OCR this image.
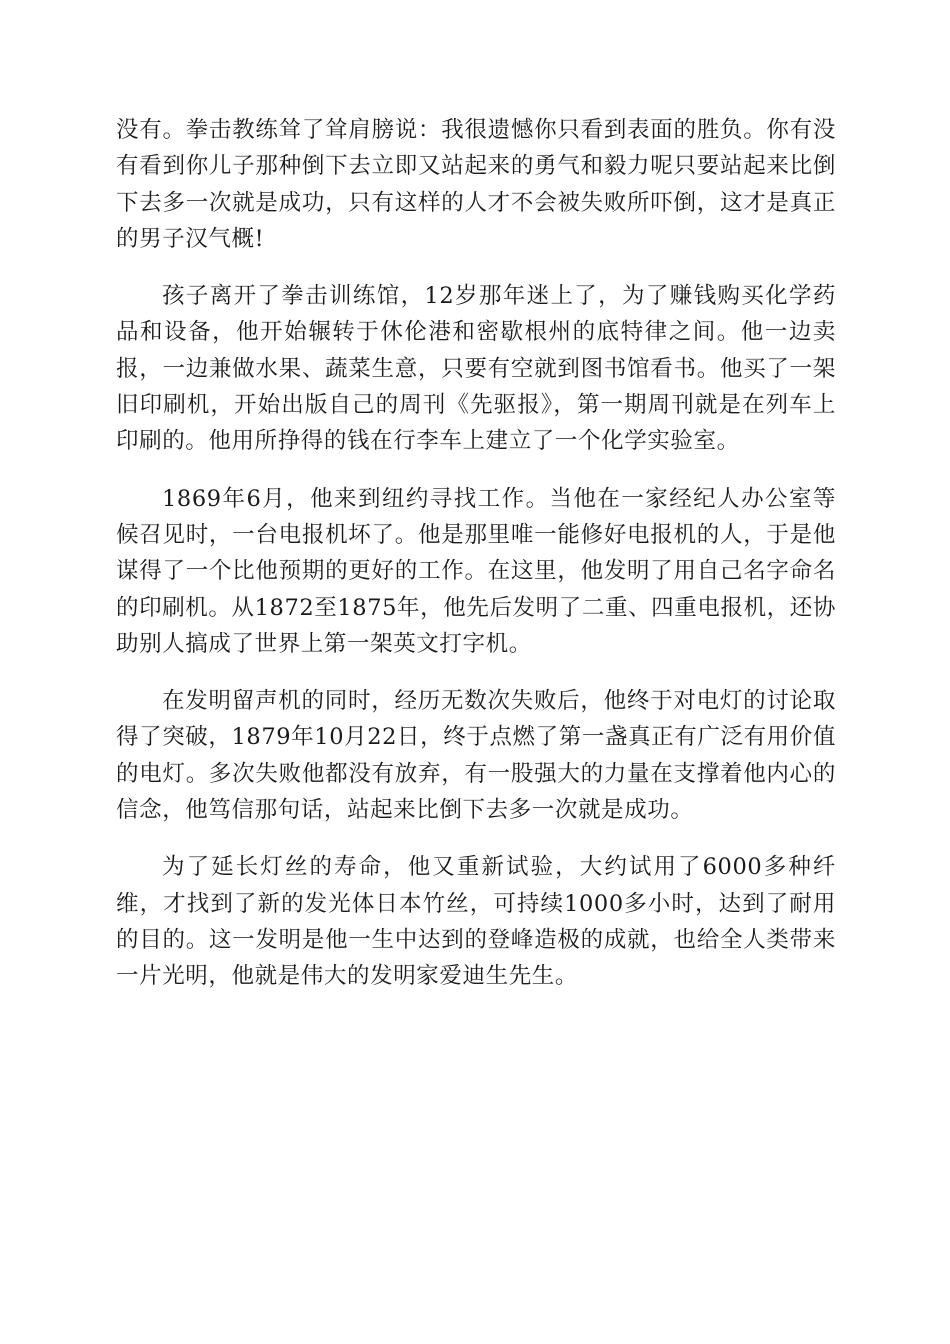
没有。拳击教练耸了耸肩膀说：我很遗憾你只看到表面的胜负。你有没有看到你儿子那种倒下去立即又站起来的勇气和毅力呢只要站起来比倒下去多一次就是成功，只有这样的人才不会被失败所吓倒，这才是真正的男子汉气概!

孩子离开了拳击训练馆，12岁那年迷上了，为了赚钱购买化学药品和设备，他开始辗转于休伦港和密歇根州的底特律之间。他一边卖报，一边兼做水果、蔬菜生意，只要有空就到图书馆看书。他买了一架旧印刷机，开始出版自己的周刊《先驱报》，第一期周刊就是在列车上印刷的。他用所挣得的钱在行李车上建立了一个化学实验室。

1869年6月，他来到纽约寻找工作。当他在一家经纪人办公室等候召见时，一台电报机坏了。他是那里唯一能修好电报机的人，于是他谋得了一个比他预期的更好的工作。在这里，他发明了用自己名字命名的印刷机。从1872至1875年，他先后发明了二重、四重电报机，还协助别人搞成了世界上第一架英文打字机。

在发明留声机的同时，经历无数次失败后，他终于对电灯的讨论取得了突破，1879年10月22日，终于点燃了第一盏真正有广泛有用价值的电灯。多次失败他都没有放弃，有一股强大的力量在支撑着他内心的信念，他笃信那句话，站起来比倒下去多一次就是成功。

为了延长灯丝的寿命，他又重新试验，大约试用了6000多种纤维，才找到了新的发光体日本竹丝，可持续1000多小时，达到了耐用的目的。这一发明是他一生中达到的登峰造极的成就，也给全人类带来一片光明，他就是伟大的发明家爱迪生先生。
